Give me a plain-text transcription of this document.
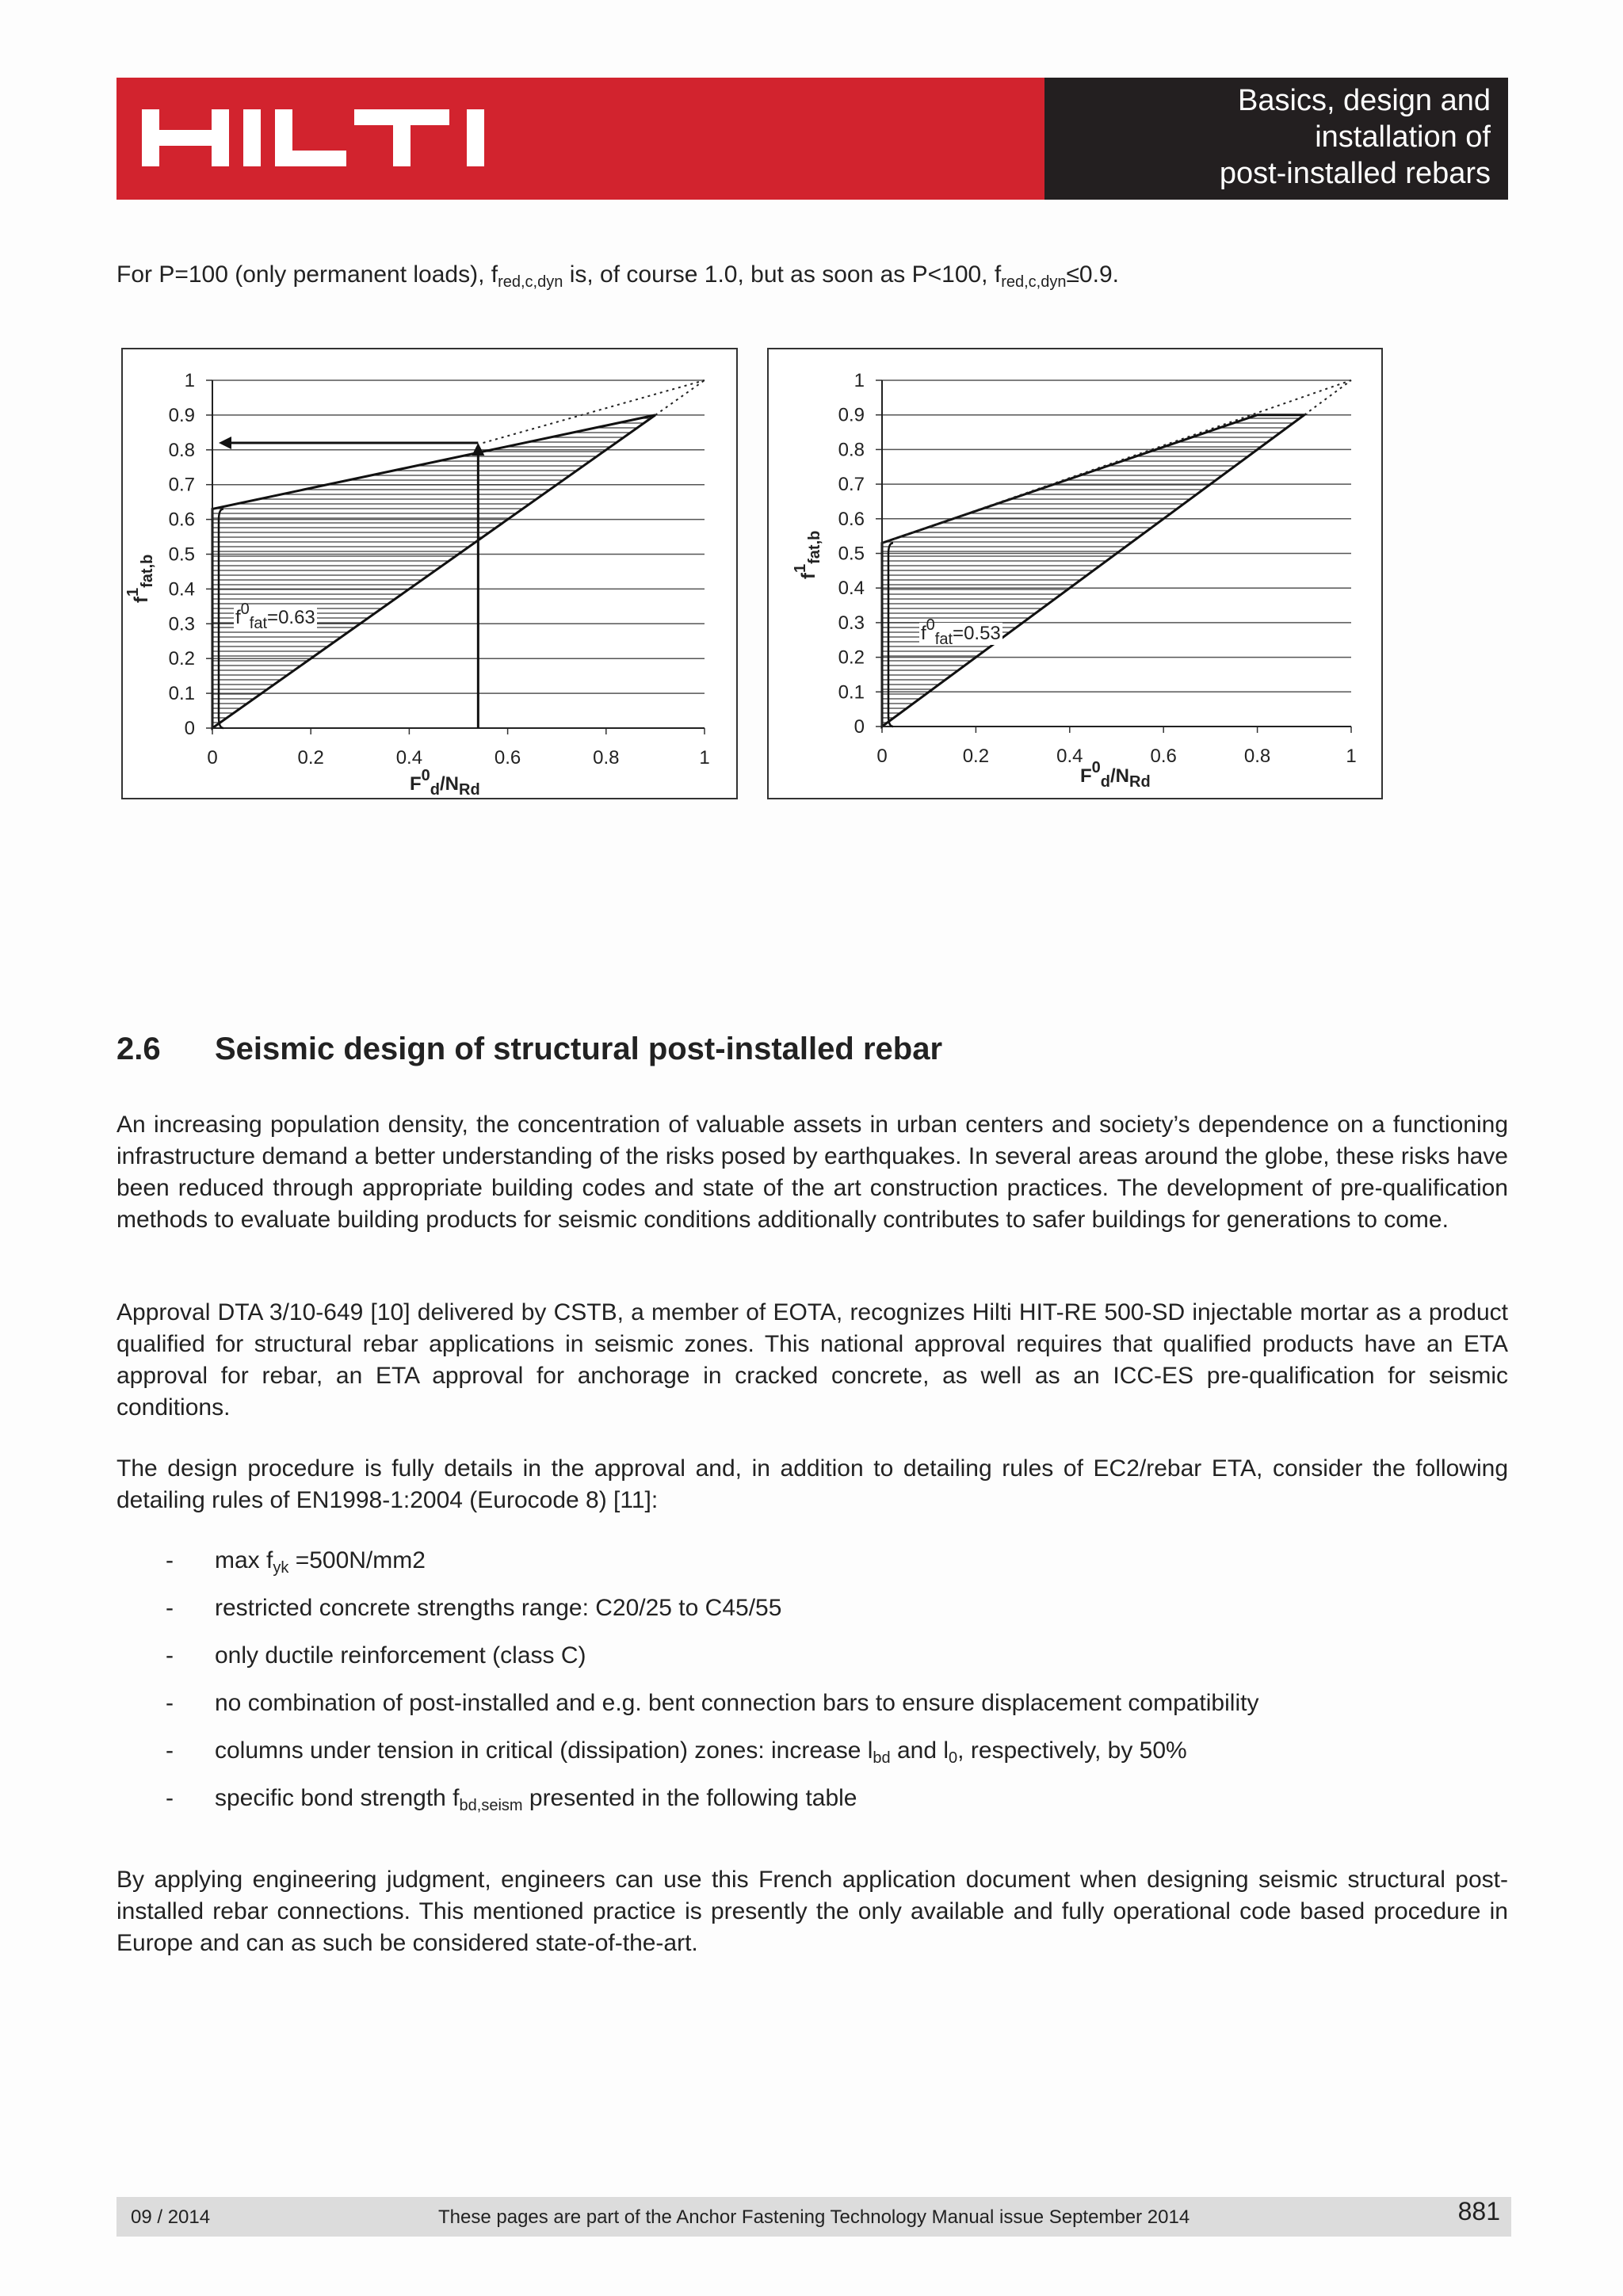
Basics, design and
installation of
post-installed rebars
For P=100 (only permanent loads), $f_{red,c,dyn}$ is, of course 1.0, but as soon as P<100, $f_{red,c,dyn}\le 0.9$.
1
0.9
0.8
0.7
0.6
0.5
0.4
0.3
0.2
0.1
0
0	0.2	0.4	0.6	0.8	1
$f^1_{fat,b}$
$F^0_d/N_{Rd}$
$f^0_{fat}=0.63$
1
0.9
0.8
0.7
0.6
0.5
0.4
0.3
0.2
0.1
0
0	0.2	0.4	0.6	0.8	1
$f^1_{fat,b}$
$F^0_d/N_{Rd}$
$f^0_{fat}=0.53$
2.6 Seismic design of structural post-installed rebar
An increasing population density, the concentration of valuable assets in urban centers and society’s dependence on a functioning infrastructure demand a better understanding of the risks posed by earthquakes. In several areas around the globe, these risks have been reduced through appropriate building codes and state of the art construction practices. The development of pre-qualification methods to evaluate building products for seismic conditions additionally contributes to safer buildings for generations to come.
Approval DTA 3/10-649 [10] delivered by CSTB, a member of EOTA, recognizes Hilti HIT-RE 500-SD injectable mortar as a product qualified for structural rebar applications in seismic zones. This national approval requires that qualified products have an ETA approval for rebar, an ETA approval for anchorage in cracked concrete, as well as an ICC-ES pre-qualification for seismic conditions.
The design procedure is fully details in the approval and, in addition to detailing rules of EC2/rebar ETA, consider the following detailing rules of EN1998-1:2004 (Eurocode 8) [11]:
- $\max f_{yk} =500N/mm2$
- restricted concrete strengths range: C20/25 to C45/55
- only ductile reinforcement (class C)
- no combination of post-installed and e.g. bent connection bars to ensure displacement compatibility
- columns under tension in critical (dissipation) zones: increase $l_{bd}$ and $l_0$, respectively, by 50%
- specific bond strength $f_{bd,seism}$ presented in the following table
By applying engineering judgment, engineers can use this French application document when designing seismic structural post-installed rebar connections. This mentioned practice is presently the only available and fully operational code based procedure in Europe and can as such be considered state-of-the-art.
09 / 2014	These pages are part of the Anchor Fastening Technology Manual issue September 2014	881
